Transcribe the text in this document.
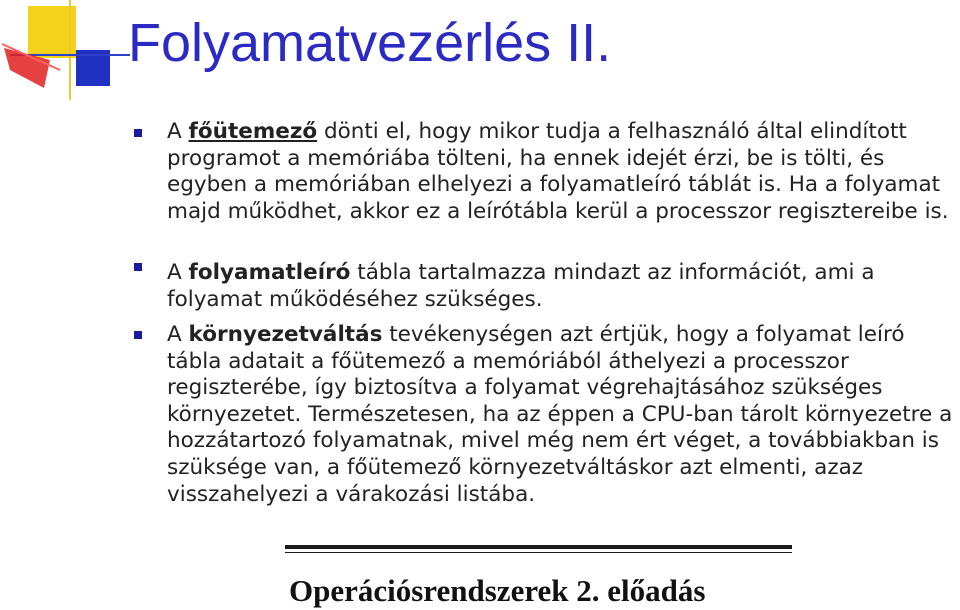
Folyamatvezérlés II.

A főütemező dönti el, hogy mikor tudja a felhasználó által elindított programot a memóriába tölteni, ha ennek idejét érzi, be is tölti, és egyben a memóriában elhelyezi a folyamatleíró táblát is. Ha a folyamat majd működhet, akkor ez a leírótábla kerül a processzor regisztereibe is.

A folyamatleíró tábla tartalmazza mindazt az információt, ami a folyamat működéséhez szükséges.

A környezetváltás tevékenységen azt értjük, hogy a folyamat leíró tábla adatait a főütemező a memóriából áthelyezi a processzor regiszterébe, így biztosítva a folyamat végrehajtásához szükséges környezetet. Természetesen, ha az éppen a CPU-ban tárolt környezetre a hozzátartozó folyamatnak, mivel még nem ért véget, a továbbiakban is szüksége van, a főütemező környezetváltáskor azt elmenti, azaz visszahelyezi a várakozási listába.

Operációsrendszerek 2. előadás
